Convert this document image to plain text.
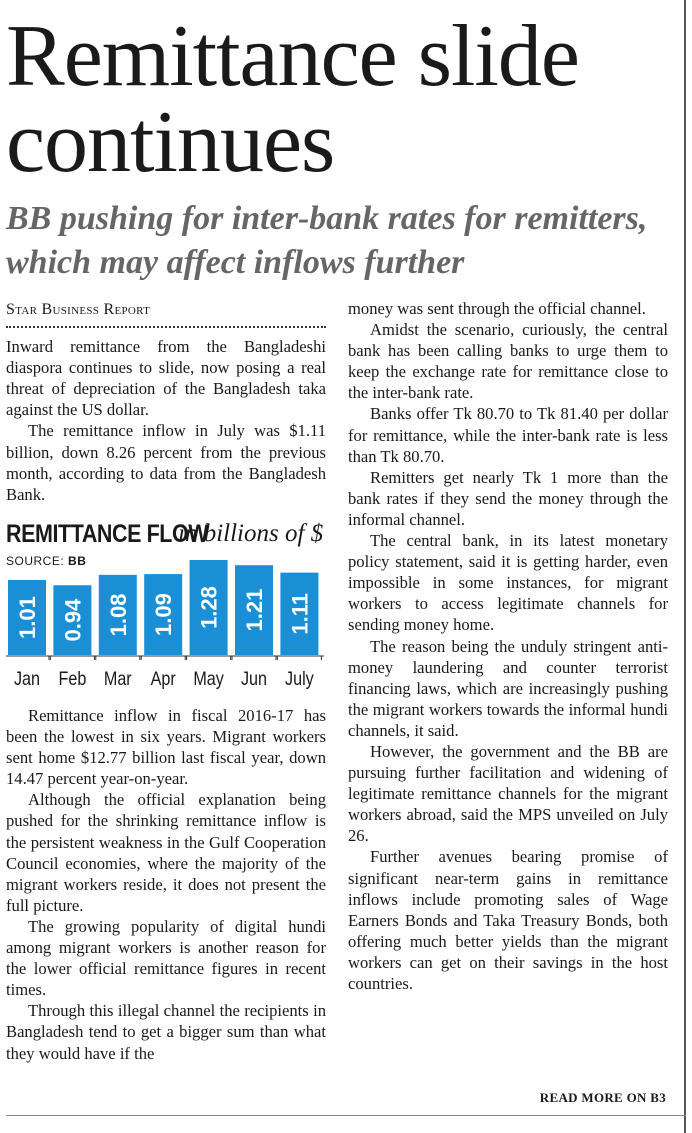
Remittance slide continues
BB pushing for inter-bank rates for remitters, which may affect inflows further
Star Business Report

Inward remittance from the Bangladeshi diaspora continues to slide, now posing a real threat of depreciation of the Bangladesh taka against the US dollar.

The remittance inflow in July was $1.11 billion, down 8.26 percent from the previous month, according to data from the Bangladesh Bank.

REMITTANCE FLOW
in billions of $
SOURCE: BB
1.01
Jan
0.94
Feb
1.08
Mar
1.09
Apr
1.28
May
1.21
Jun
1.11
July

Remittance inflow in fiscal 2016-17 has been the lowest in six years. Migrant workers sent home $12.77 billion last fiscal year, down 14.47 percent year-on-year.

Although the official explanation being pushed for the shrinking remittance inflow is the persistent weakness in the Gulf Cooperation Council economies, where the majority of the migrant workers reside, it does not present the full picture.

The growing popularity of digital hundi among migrant workers is another reason for the lower official remittance figures in recent times.

Through this illegal channel the recipients in Bangladesh tend to get a bigger sum than what they would have if the

money was sent through the official channel.

Amidst the scenario, curiously, the central bank has been calling banks to urge them to keep the exchange rate for remittance close to the inter-bank rate.

Banks offer Tk 80.70 to Tk 81.40 per dollar for remittance, while the inter-bank rate is less than Tk 80.70.

Remitters get nearly Tk 1 more than the bank rates if they send the money through the informal channel.

The central bank, in its latest monetary policy statement, said it is getting harder, even impossible in some instances, for migrant workers to access legitimate channels for sending money home.

The reason being the unduly stringent anti-money laundering and counter terrorist financing laws, which are increasingly pushing the migrant workers towards the informal hundi channels, it said.

However, the government and the BB are pursuing further facilitation and widening of legitimate remittance channels for the migrant workers abroad, said the MPS unveiled on July 26.

Further avenues bearing promise of significant near-term gains in remittance inflows include promoting sales of Wage Earners Bonds and Taka Treasury Bonds, both offering much better yields than the migrant workers can get on their savings in the host countries.

READ MORE ON B3
